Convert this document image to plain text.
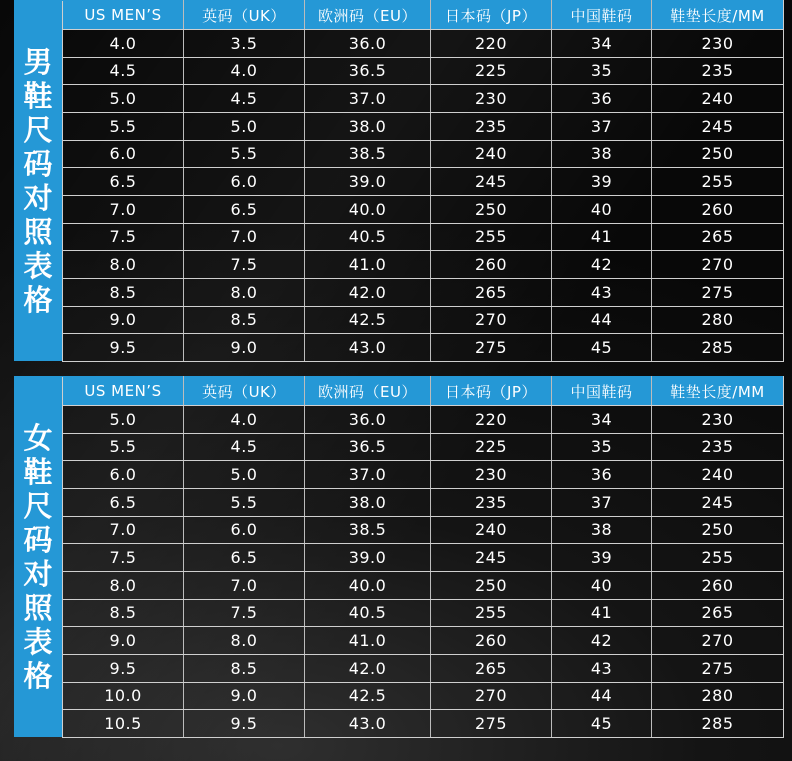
男鞋尺码对照表格
US MEN’S	英码（UK）	欧洲码（EU）	日本码（JP）	中国鞋码	鞋垫长度/MM
4.0	3.5	36.0	220	34	230
4.5	4.0	36.5	225	35	235
5.0	4.5	37.0	230	36	240
5.5	5.0	38.0	235	37	245
6.0	5.5	38.5	240	38	250
6.5	6.0	39.0	245	39	255
7.0	6.5	40.0	250	40	260
7.5	7.0	40.5	255	41	265
8.0	7.5	41.0	260	42	270
8.5	8.0	42.0	265	43	275
9.0	8.5	42.5	270	44	280
9.5	9.0	43.0	275	45	285
女鞋尺码对照表格
US MEN’S	英码（UK）	欧洲码（EU）	日本码（JP）	中国鞋码	鞋垫长度/MM
5.0	4.0	36.0	220	34	230
5.5	4.5	36.5	225	35	235
6.0	5.0	37.0	230	36	240
6.5	5.5	38.0	235	37	245
7.0	6.0	38.5	240	38	250
7.5	6.5	39.0	245	39	255
8.0	7.0	40.0	250	40	260
8.5	7.5	40.5	255	41	265
9.0	8.0	41.0	260	42	270
9.5	8.5	42.0	265	43	275
10.0	9.0	42.5	270	44	280
10.5	9.5	43.0	275	45	285
